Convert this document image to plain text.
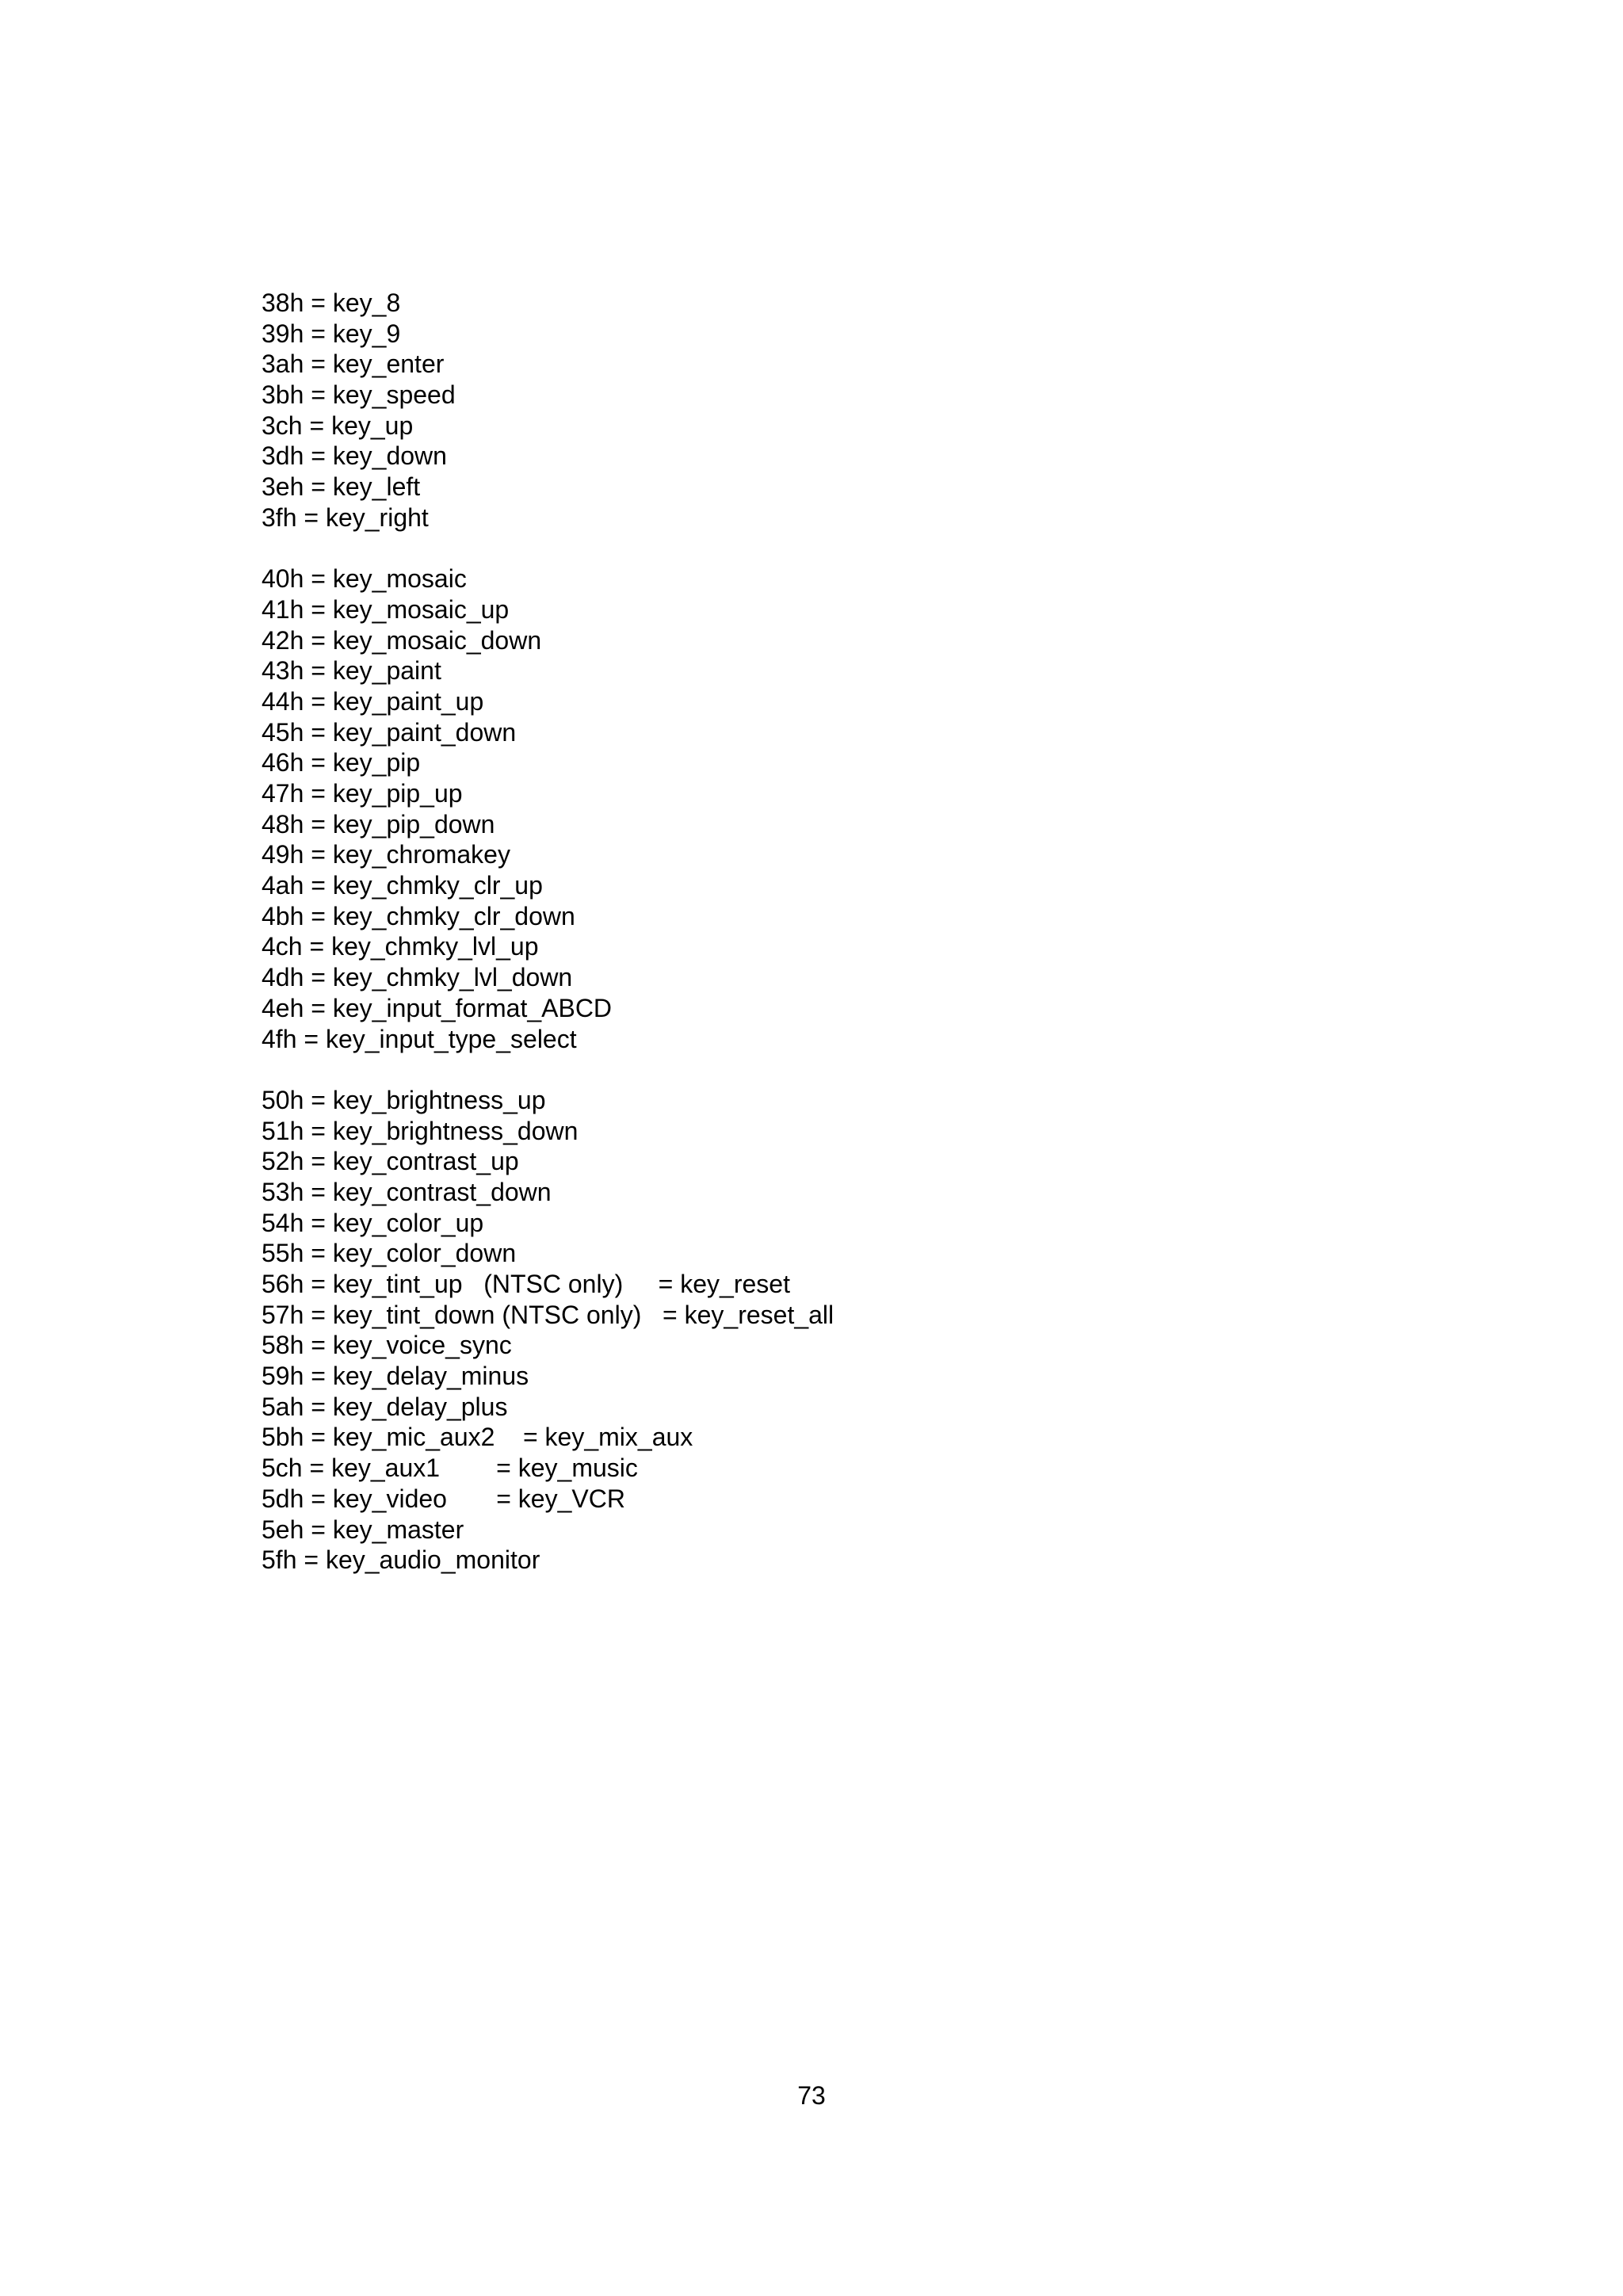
38h = key_8
39h = key_9
3ah = key_enter
3bh = key_speed
3ch = key_up
3dh = key_down
3eh = key_left
3fh = key_right
40h = key_mosaic
41h = key_mosaic_up
42h = key_mosaic_down
43h = key_paint
44h = key_paint_up
45h = key_paint_down
46h = key_pip
47h = key_pip_up
48h = key_pip_down
49h = key_chromakey
4ah = key_chmky_clr_up
4bh = key_chmky_clr_down
4ch = key_chmky_lvl_up
4dh = key_chmky_lvl_down
4eh = key_input_format_ABCD
4fh = key_input_type_select
50h = key_brightness_up
51h = key_brightness_down
52h = key_contrast_up
53h = key_contrast_down
54h = key_color_up
55h = key_color_down
56h = key_tint_up   (NTSC only)     = key_reset
57h = key_tint_down (NTSC only)   = key_reset_all
58h = key_voice_sync
59h = key_delay_minus
5ah = key_delay_plus
5bh = key_mic_aux2    = key_mix_aux
5ch = key_aux1        = key_music
5dh = key_video       = key_VCR
5eh = key_master
5fh = key_audio_monitor
73
